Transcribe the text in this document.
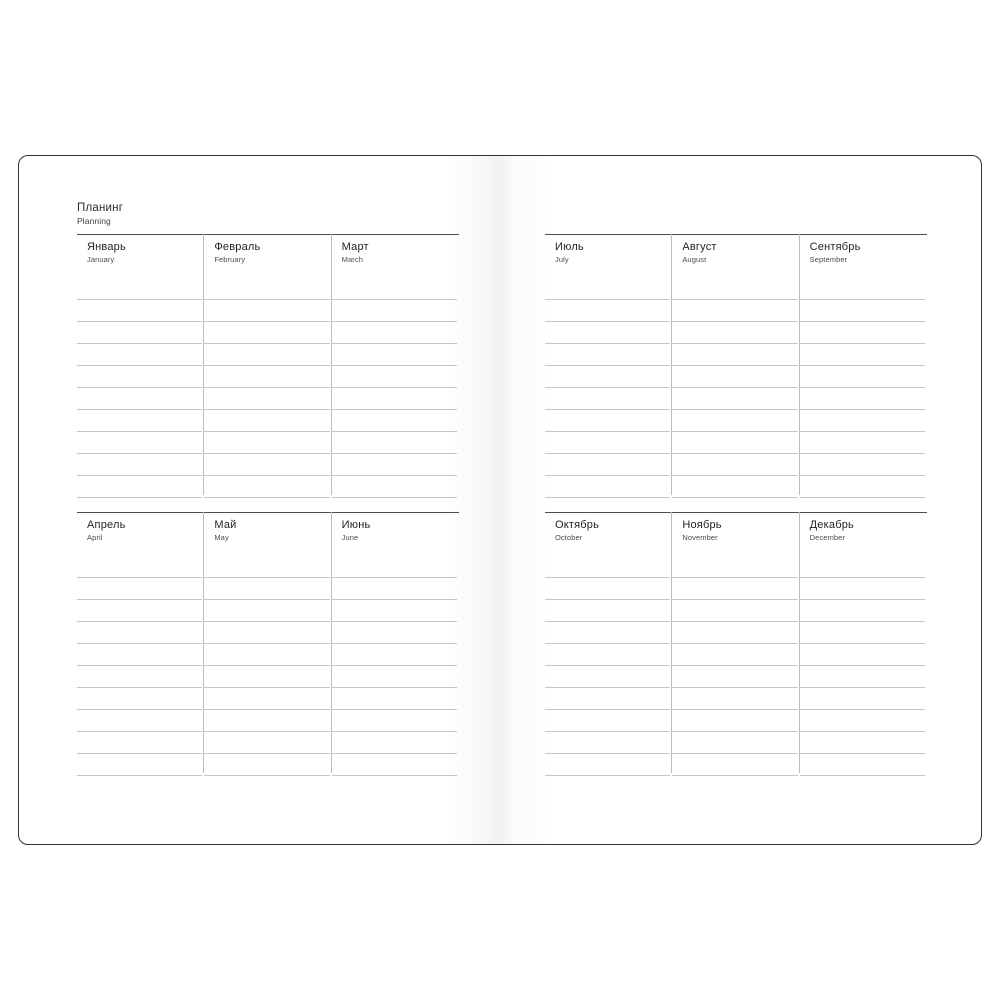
Планинг
Planning
Январь
January
Февраль
February
Март
March
Апрель
April
Май
May
Июнь
June
Июль
July
Август
August
Сентябрь
September
Октябрь
October
Ноябрь
November
Декабрь
December
